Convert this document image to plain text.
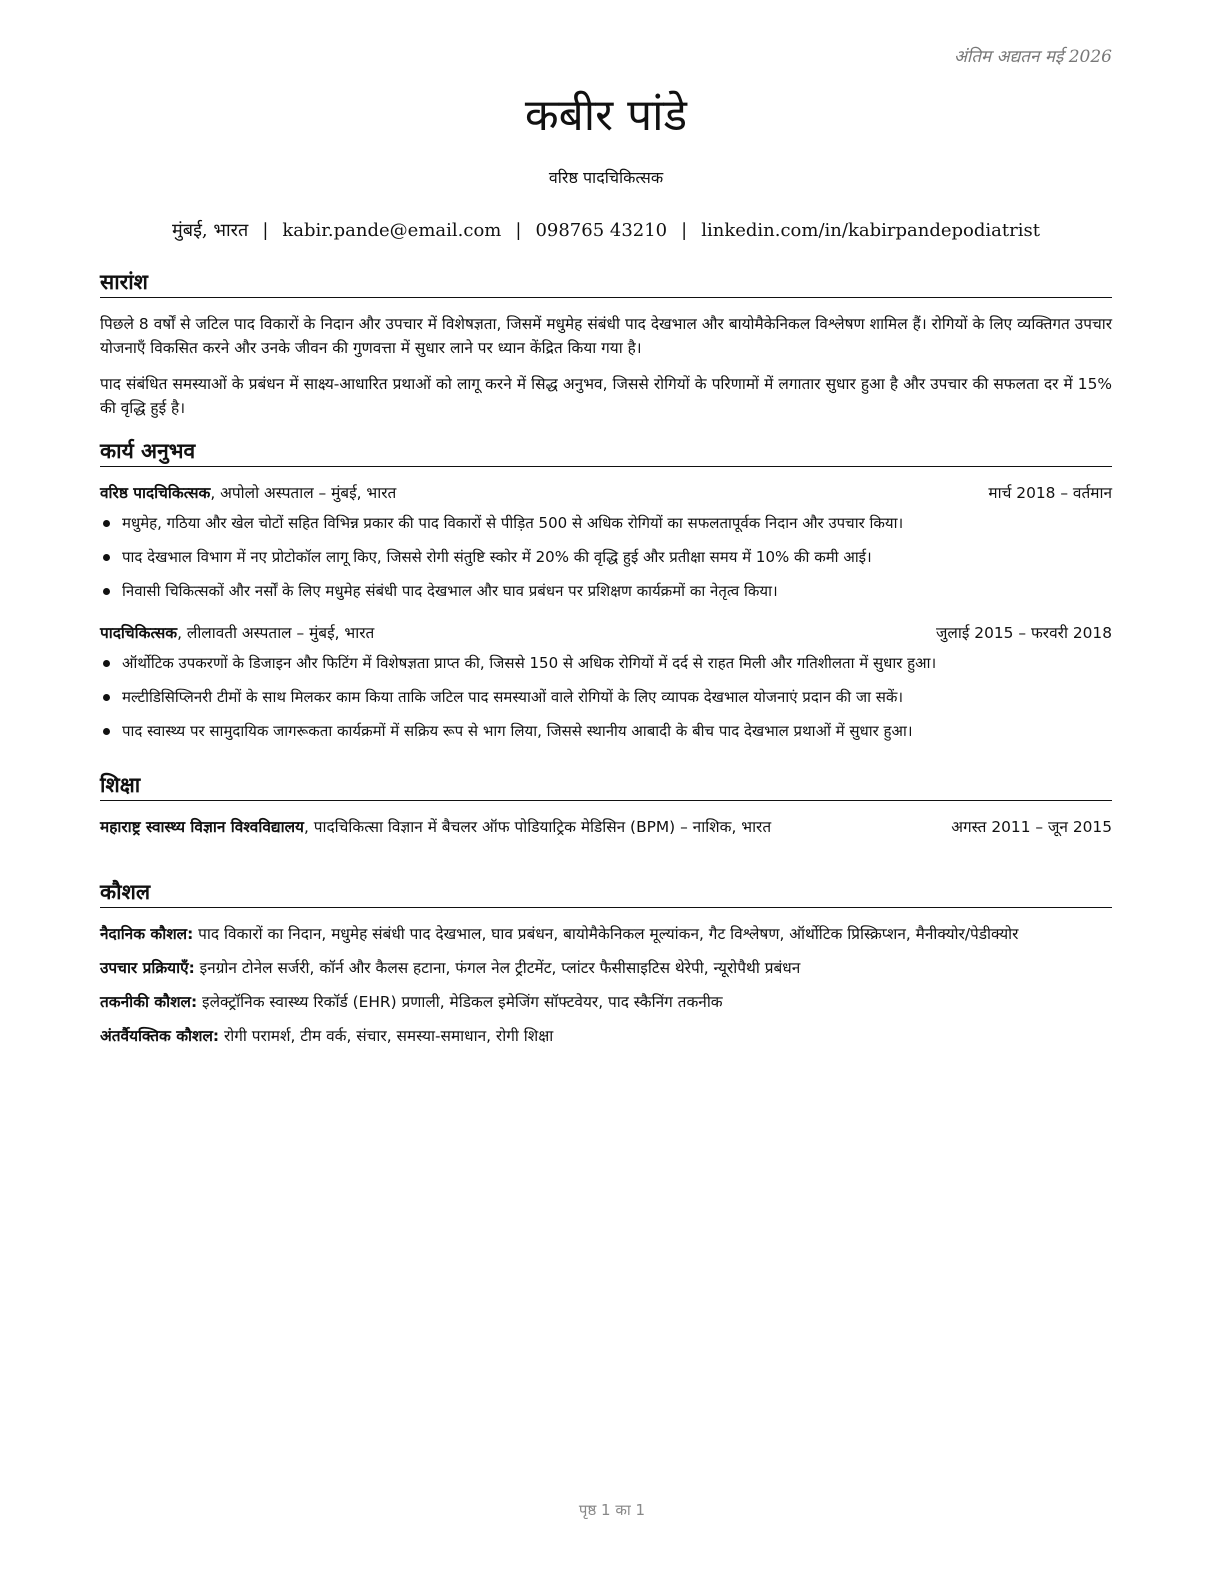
अंतिम अद्यतन मई 2026
कबीर पांडे
वरिष्ठ पादचिकित्सक
मुंबई, भारत | kabir.pande@email.com | 098765 43210 | linkedin.com/in/kabirpandepodiatrist
सारांश

पिछले 8 वर्षों से जटिल पाद विकारों के निदान और उपचार में विशेषज्ञता, जिसमें मधुमेह संबंधी पाद देखभाल और बायोमैकेनिकल विश्लेषण शामिल हैं। रोगियों के लिए व्यक्तिगत उपचार योजनाएँ विकसित करने और उनके जीवन की गुणवत्ता में सुधार लाने पर ध्यान केंद्रित किया गया है।

पाद संबंधित समस्याओं के प्रबंधन में साक्ष्य-आधारित प्रथाओं को लागू करने में सिद्ध अनुभव, जिससे रोगियों के परिणामों में लगातार सुधार हुआ है और उपचार की सफलता दर में 15% की वृद्धि हुई है।

कार्य अनुभव
वरिष्ठ पादचिकित्सक, अपोलो अस्पताल – मुंबई, भारत	मार्च 2018 – वर्तमान
मधुमेह, गठिया और खेल चोटों सहित विभिन्न प्रकार की पाद विकारों से पीड़ित 500 से अधिक रोगियों का सफलतापूर्वक निदान और उपचार किया।
पाद देखभाल विभाग में नए प्रोटोकॉल लागू किए, जिससे रोगी संतुष्टि स्कोर में 20% की वृद्धि हुई और प्रतीक्षा समय में 10% की कमी आई।
निवासी चिकित्सकों और नर्सों के लिए मधुमेह संबंधी पाद देखभाल और घाव प्रबंधन पर प्रशिक्षण कार्यक्रमों का नेतृत्व किया।
पादचिकित्सक, लीलावती अस्पताल – मुंबई, भारत	जुलाई 2015 – फरवरी 2018
ऑर्थोटिक उपकरणों के डिजाइन और फिटिंग में विशेषज्ञता प्राप्त की, जिससे 150 से अधिक रोगियों में दर्द से राहत मिली और गतिशीलता में सुधार हुआ।
मल्टीडिसिप्लिनरी टीमों के साथ मिलकर काम किया ताकि जटिल पाद समस्याओं वाले रोगियों के लिए व्यापक देखभाल योजनाएं प्रदान की जा सकें।
पाद स्वास्थ्य पर सामुदायिक जागरूकता कार्यक्रमों में सक्रिय रूप से भाग लिया, जिससे स्थानीय आबादी के बीच पाद देखभाल प्रथाओं में सुधार हुआ।
शिक्षा
महाराष्ट्र स्वास्थ्य विज्ञान विश्वविद्यालय, पादचिकित्सा विज्ञान में बैचलर ऑफ पोडियाट्रिक मेडिसिन (BPM) – नाशिक, भारत	अगस्त 2011 – जून 2015
कौशल

नैदानिक कौशल: पाद विकारों का निदान, मधुमेह संबंधी पाद देखभाल, घाव प्रबंधन, बायोमैकेनिकल मूल्यांकन, गैट विश्लेषण, ऑर्थोटिक प्रिस्क्रिप्शन, मैनीक्योर/पेडीक्योर

उपचार प्रक्रियाएँ: इनग्रोन टोनेल सर्जरी, कॉर्न और कैलस हटाना, फंगल नेल ट्रीटमेंट, प्लांटर फैसीसाइटिस थेरेपी, न्यूरोपैथी प्रबंधन

तकनीकी कौशल: इलेक्ट्रॉनिक स्वास्थ्य रिकॉर्ड (EHR) प्रणाली, मेडिकल इमेजिंग सॉफ्टवेयर, पाद स्कैनिंग तकनीक

अंतर्वैयक्तिक कौशल: रोगी परामर्श, टीम वर्क, संचार, समस्या-समाधान, रोगी शिक्षा

पृष्ठ 1 का 1
